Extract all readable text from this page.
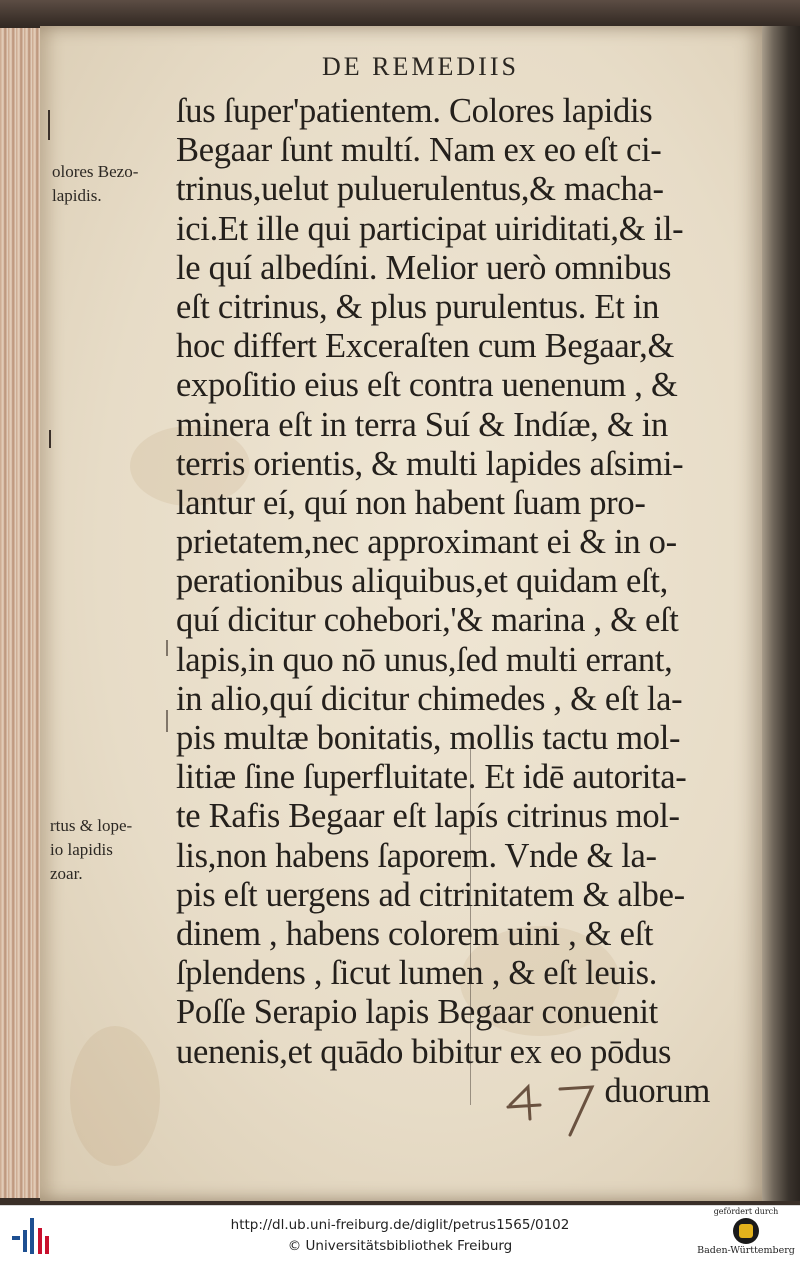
DE REMEDIIS
olores Bezo-
lapidis.
rtus & lope-
io lapidis
zoar.
ſus ſuper'patientem. Colores lapidis
Begaar ſunt multí. Nam ex eo eſt ci-
trinus,uelut puluerulentus,& macha-
ici.Et ille qui participat uiriditati,& il-
le quí albedíni. Melior uerò omnibus
eſt citrinus, & plus purulentus. Et in
hoc differt Exceraſten cum Begaar,&
expoſitio eius eſt contra uenenum , &
minera eſt in terra Suí & Indíæ, & in
terris orientis, & multi lapides aſsimi-
lantur eí, quí non habent ſuam pro-
prietatem,nec approximant ei & in o-
perationibus aliquibus,et quidam eſt,
quí dicitur cohebori,'& marina , & eſt
lapis,in quo nō unus,ſed multi errant,
in alio,quí dicitur chimedes , & eſt la-
pis multæ bonitatis, mollis tactu mol-
litiæ ſine ſuperfluitate. Et idē autorita-
te Rafis Begaar eſt lapís citrinus mol-
lis,non habens ſaporem. Vnde & la-
pis eſt uergens ad citrinitatem & albe-
dinem , habens colorem uini , & eſt
ſplendens , ſicut lumen , & eſt leuis.
Poſſe Serapio lapis Begaar conuenit
uenenis,et quādo bibitur ex eo pōdus
duorum
http://dl.ub.uni-freiburg.de/diglit/petrus1565/0102
© Universitätsbibliothek Freiburg
gefördert durch
Baden-Württemberg
